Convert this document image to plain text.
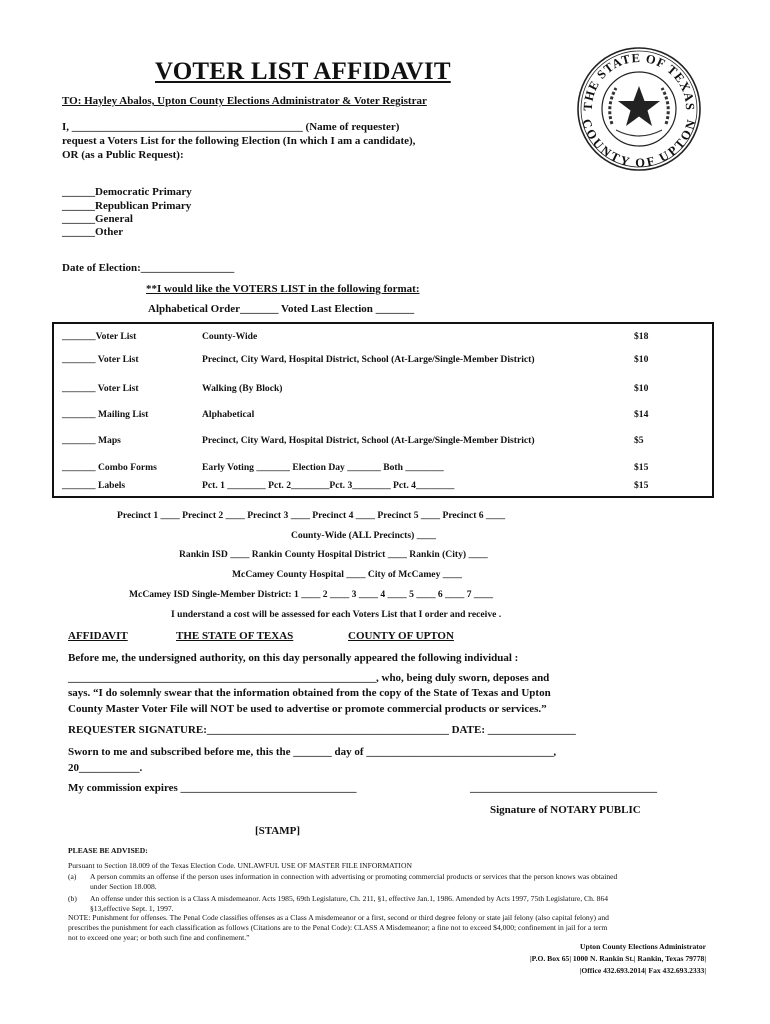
VOTER LIST AFFIDAVIT
THE STATE OF TEXAS
COUNTY OF UPTON
TO: Hayley Abalos, Upton County Elections Administrator & Voter Registrar
I, __________________________________________ (Name of requester)
request a Voters List for the following Election (In which I am a candidate),
OR (as a Public Request):
______Democratic Primary
______Republican Primary
______General
______Other
Date of Election:_________________
**I would like the VOTERS LIST in the following format:
Alphabetical Order_______ Voted Last Election _______
_______Voter List	County-Wide	$18
_______ Voter List	Precinct, City Ward, Hospital District, School (At-Large/Single-Member District)	$10
_______ Voter List	Walking (By Block)	$10
_______ Mailing List	Alphabetical	$14
_______ Maps	Precinct, City Ward, Hospital District, School (At-Large/Single-Member District)	$5
_______ Combo Forms	Early Voting _______ Election Day _______ Both ________	$15
_______ Labels	Pct. 1 ________ Pct. 2________Pct. 3________ Pct. 4________	$15
Precinct 1 ____ Precinct 2 ____ Precinct 3 ____ Precinct 4 ____ Precinct 5 ____ Precinct 6 ____
County-Wide (ALL Precincts) ____
Rankin ISD ____ Rankin County Hospital District ____ Rankin (City) ____
McCamey County Hospital ____ City of McCamey ____
McCamey ISD Single-Member District: 1 ____ 2 ____ 3 ____ 4 ____ 5 ____ 6 ____ 7 ____
I understand a cost will be assessed for each Voters List that I order and receive .
AFFIDAVIT	THE STATE OF TEXAS	COUNTY OF UPTON
Before me, the undersigned authority, on this day personally appeared the following individual :
________________________________________________________, who, being duly sworn, deposes and
says. “I do solemnly swear that the information obtained from the copy of the State of Texas and Upton
County Master Voter File will NOT be used to advertise or promote commercial products or services.”
REQUESTER SIGNATURE:____________________________________________ DATE: ________________
Sworn to me and subscribed before me, this the _______ day of __________________________________,
20___________.
My commission expires ________________________________	__________________________________
Signature of NOTARY PUBLIC
[STAMP]
PLEASE BE ADVISED:
Pursuant to Section 18.009 of the Texas Election Code. UNLAWFUL USE OF MASTER FILE INFORMATION
(a) A person commits an offense if the person uses information in connection with advertising or promoting commercial products or services that the person knows was obtained
under Section 18.008.
(b) An offense under this section is a Class A misdemeanor. Acts 1985, 69th Legislature, Ch. 211, §1, effective Jan.1, 1986. Amended by Acts 1997, 75th Legislature, Ch. 864
§13,effective Sept. 1, 1997.
NOTE: Punishment for offenses. The Penal Code classifies offenses as a Class A misdemeanor or a first, second or third degree felony or state jail felony (also capital felony) and
prescribes the punishment for each classification as follows (Citations are to the Penal Code): CLASS A Misdemeanor; a fine not to exceed $4,000; confinement in jail for a term
not to exceed one year; or both such fine and confinement.”
Upton County Elections Administrator
|P.O. Box 65| 1000 N. Rankin St.| Rankin, Texas 79778|
|Office 432.693.2014| Fax 432.693.2333|
